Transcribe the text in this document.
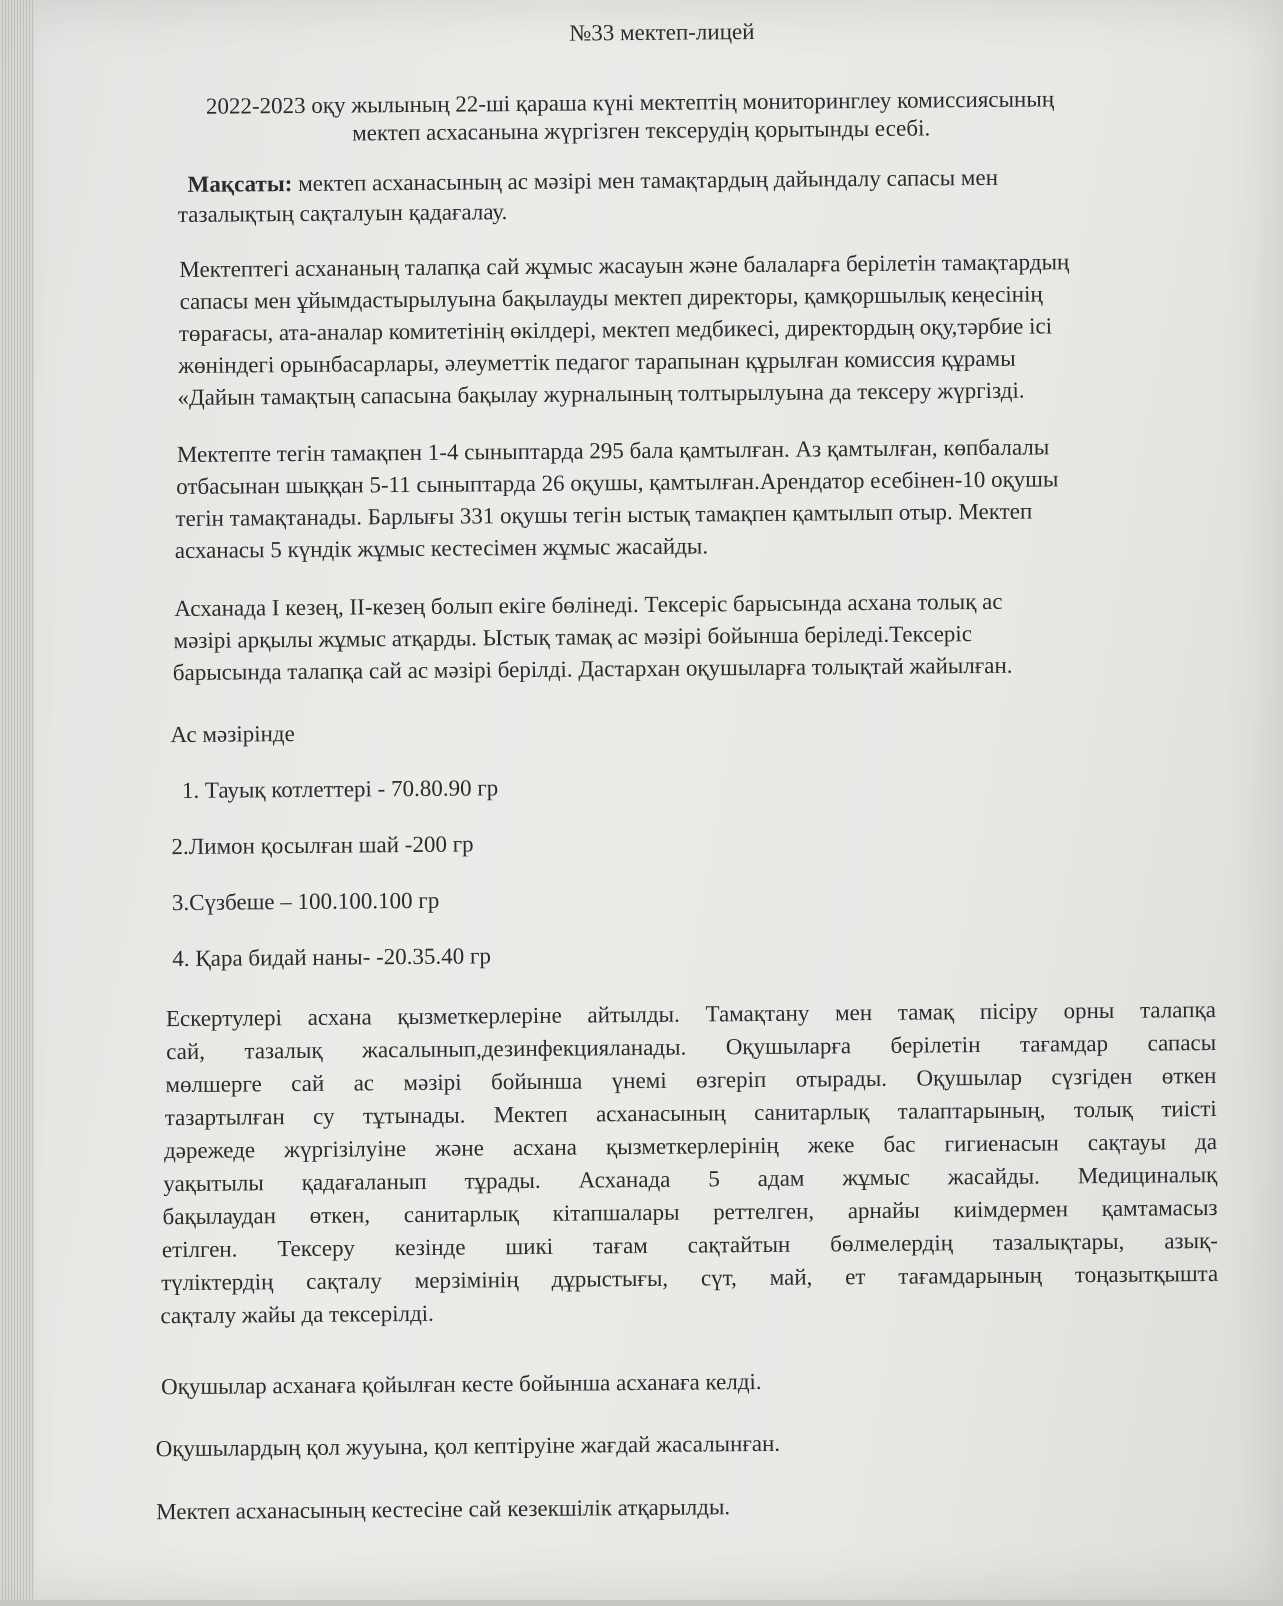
№33 мектеп-лицей
2022-2023 оқу жылының 22-ші қараша күні мектептің мониторинглеу комиссиясының
мектеп асхасанына жүргізген тексерудің қорытынды есебі.
Мақсаты: мектеп асханасының ас мәзірі мен тамақтардың дайындалу сапасы мен
тазалықтың сақталуын қадағалау.
Мектептегі асхананың талапқа сай жұмыс жасауын және балаларға берілетін тамақтардың
сапасы мен ұйымдастырылуына бақылауды мектеп директоры, қамқоршылық кеңесінің
төрағасы, ата-аналар комитетінің өкілдері, мектеп медбикесі, директордың оқу,тәрбие ісі
жөніндегі орынбасарлары, әлеуметтік педагог тарапынан құрылған комиссия құрамы
«Дайын тамақтың сапасына бақылау журналының толтырылуына да тексеру жүргізді.
Мектепте тегін тамақпен 1-4 сыныптарда 295 бала қамтылған. Аз қамтылған, көпбалалы
отбасынан шыққан 5-11 сыныптарда 26 оқушы, қамтылған.Арендатор есебінен-10 оқушы
тегін тамақтанады. Барлығы 331 оқушы тегін ыстық тамақпен қамтылып отыр. Мектеп
асханасы 5 күндік жұмыс кестесімен жұмыс жасайды.
Асханада І кезең, ІІ-кезең болып екіге бөлінеді. Тексеріс барысында асхана толық ас
мәзірі арқылы жұмыс атқарды. Ыстық тамақ ас мәзірі бойынша беріледі.Тексеріс
барысында талапқа сай ас мәзірі берілді. Дастархан оқушыларға толықтай жайылған.
Ас мәзірінде
1. Тауық котлеттері - 70.80.90 гр
2.Лимон қосылған шай -200 гр
3.Сүзбеше – 100.100.100 гр
4. Қара бидай наны- -20.35.40 гр
Ескертулері асхана қызметкерлеріне айтылды. Тамақтану мен тамақ пісіру орны талапқа
сай, тазалық жасалынып,дезинфекцияланады. Оқушыларға берілетін тағамдар сапасы
мөлшерге сай ас мәзірі бойынша үнемі өзгеріп отырады. Оқушылар сүзгіден өткен
тазартылған су тұтынады. Мектеп асханасының санитарлық талаптарының, толық тиісті
дәрежеде жүргізілуіне және асхана қызметкерлерінің жеке бас гигиенасын сақтауы да
уақытылы қадағаланып тұрады. Асханада 5 адам жұмыс жасайды. Медициналық
бақылаудан өткен, санитарлық кітапшалары реттелген, арнайы киімдермен қамтамасыз
етілген. Тексеру кезінде шикі тағам сақтайтын бөлмелердің тазалықтары, азық-
түліктердің сақталу мерзімінің дұрыстығы, сүт, май, ет тағамдарының тоңазытқышта
сақталу жайы да тексерілді.
Оқушылар асханаға қойылған кесте бойынша асханаға келді.
Оқушылардың қол жууына, қол кептіруіне жағдай жасалынған.
Мектеп асханасының кестесіне сай кезекшілік атқарылды.
